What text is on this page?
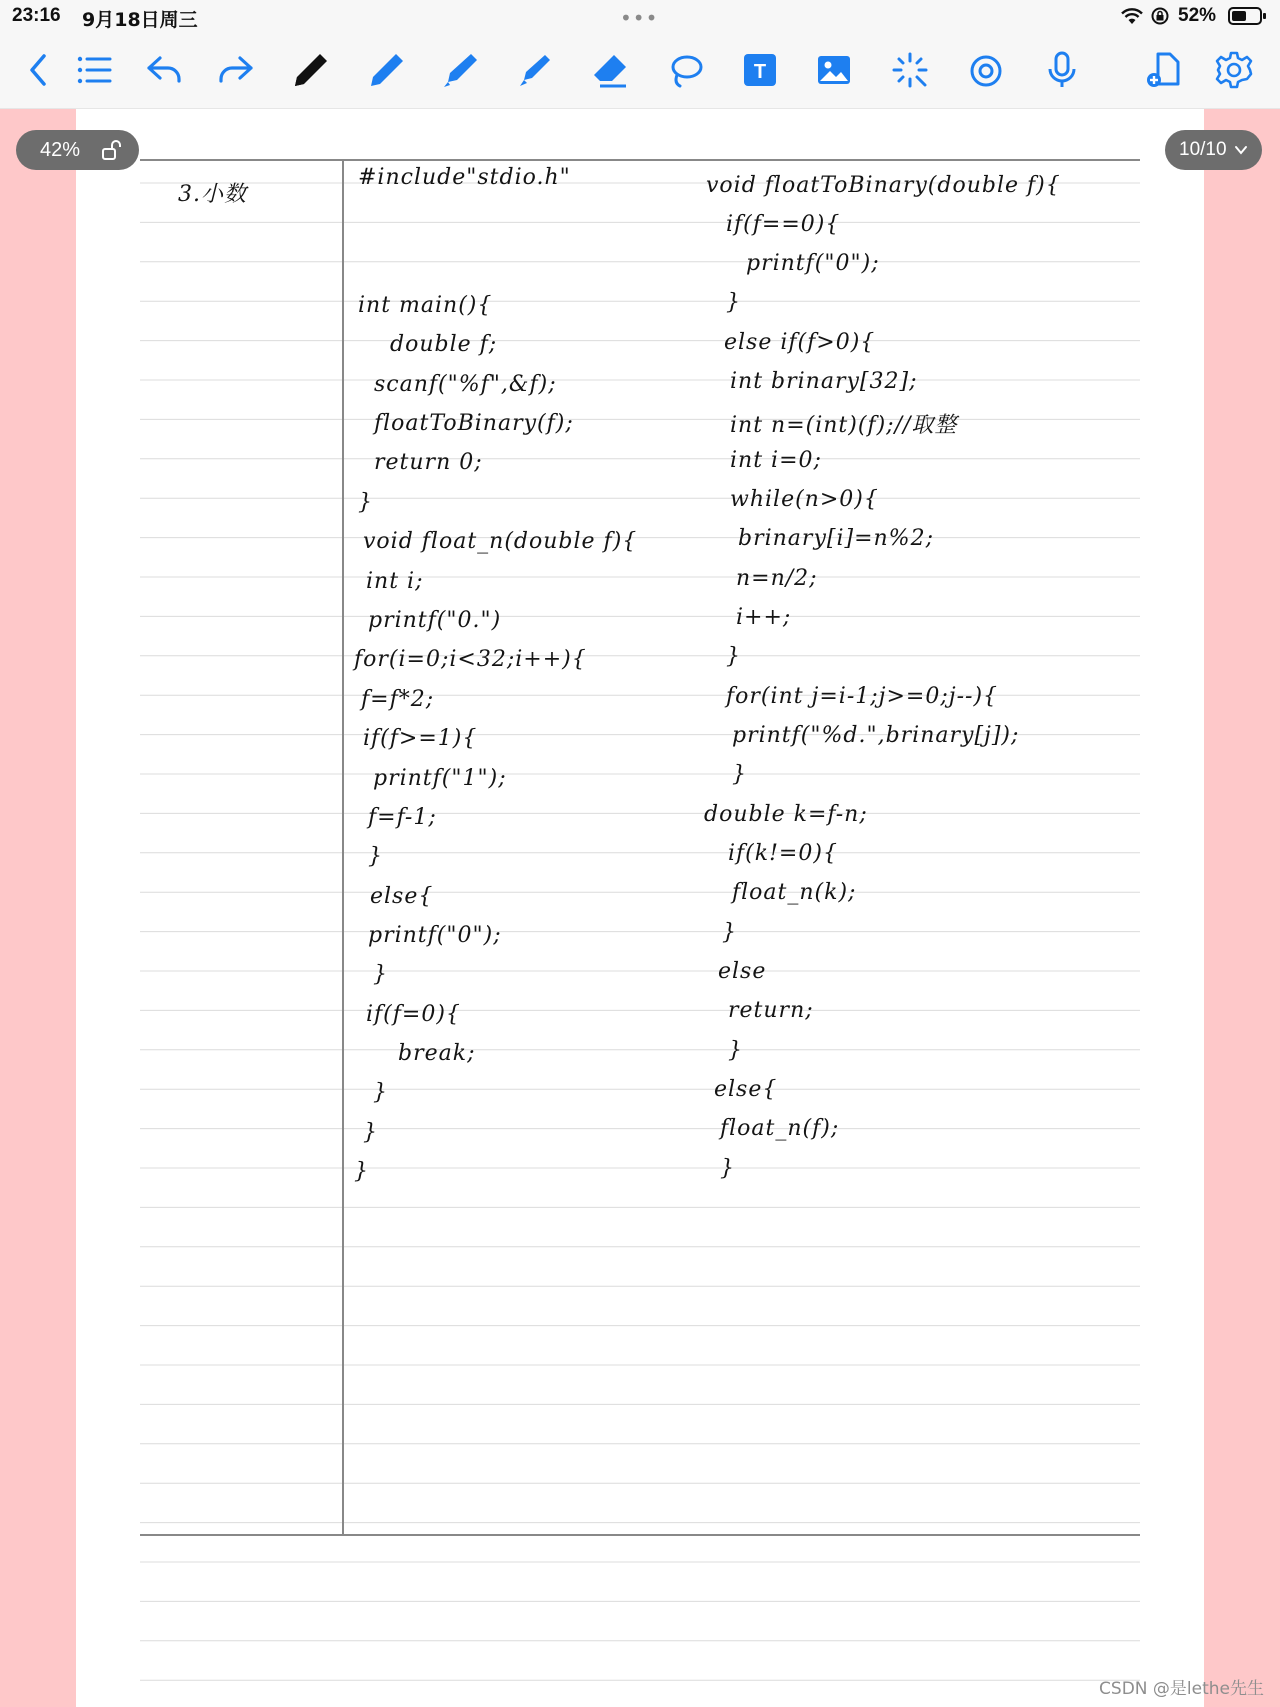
23:16 9月18日周三	•••	52%
T
3.小数
#include"stdio.h"
int main(){
double f;
scanf("%f",&f);
floatToBinary(f);
return 0;
}
void float_n(double f){
int i;
printf("0.")
for(i=0;i<32;i++){
f=f*2;
if(f>=1){
printf("1");
f=f-1;
}
else{
printf("0");
}
if(f=0){
break;
}
}
}
void floatToBinary(double f){
if(f==0){
printf("0");
}
else if(f>0){
int brinary[32];
int n=(int)(f);//取整
int i=0;
while(n>0){
brinary[i]=n%2;
n=n/2;
i++;
}
for(int j=i-1;j>=0;j--){
printf("%d.",brinary[j]);
}
double k=f-n;
if(k!=0){
float_n(k);
}
else
return;
}
else{
float_n(f);
}
42%	10/10
CSDN @是lethe先生
